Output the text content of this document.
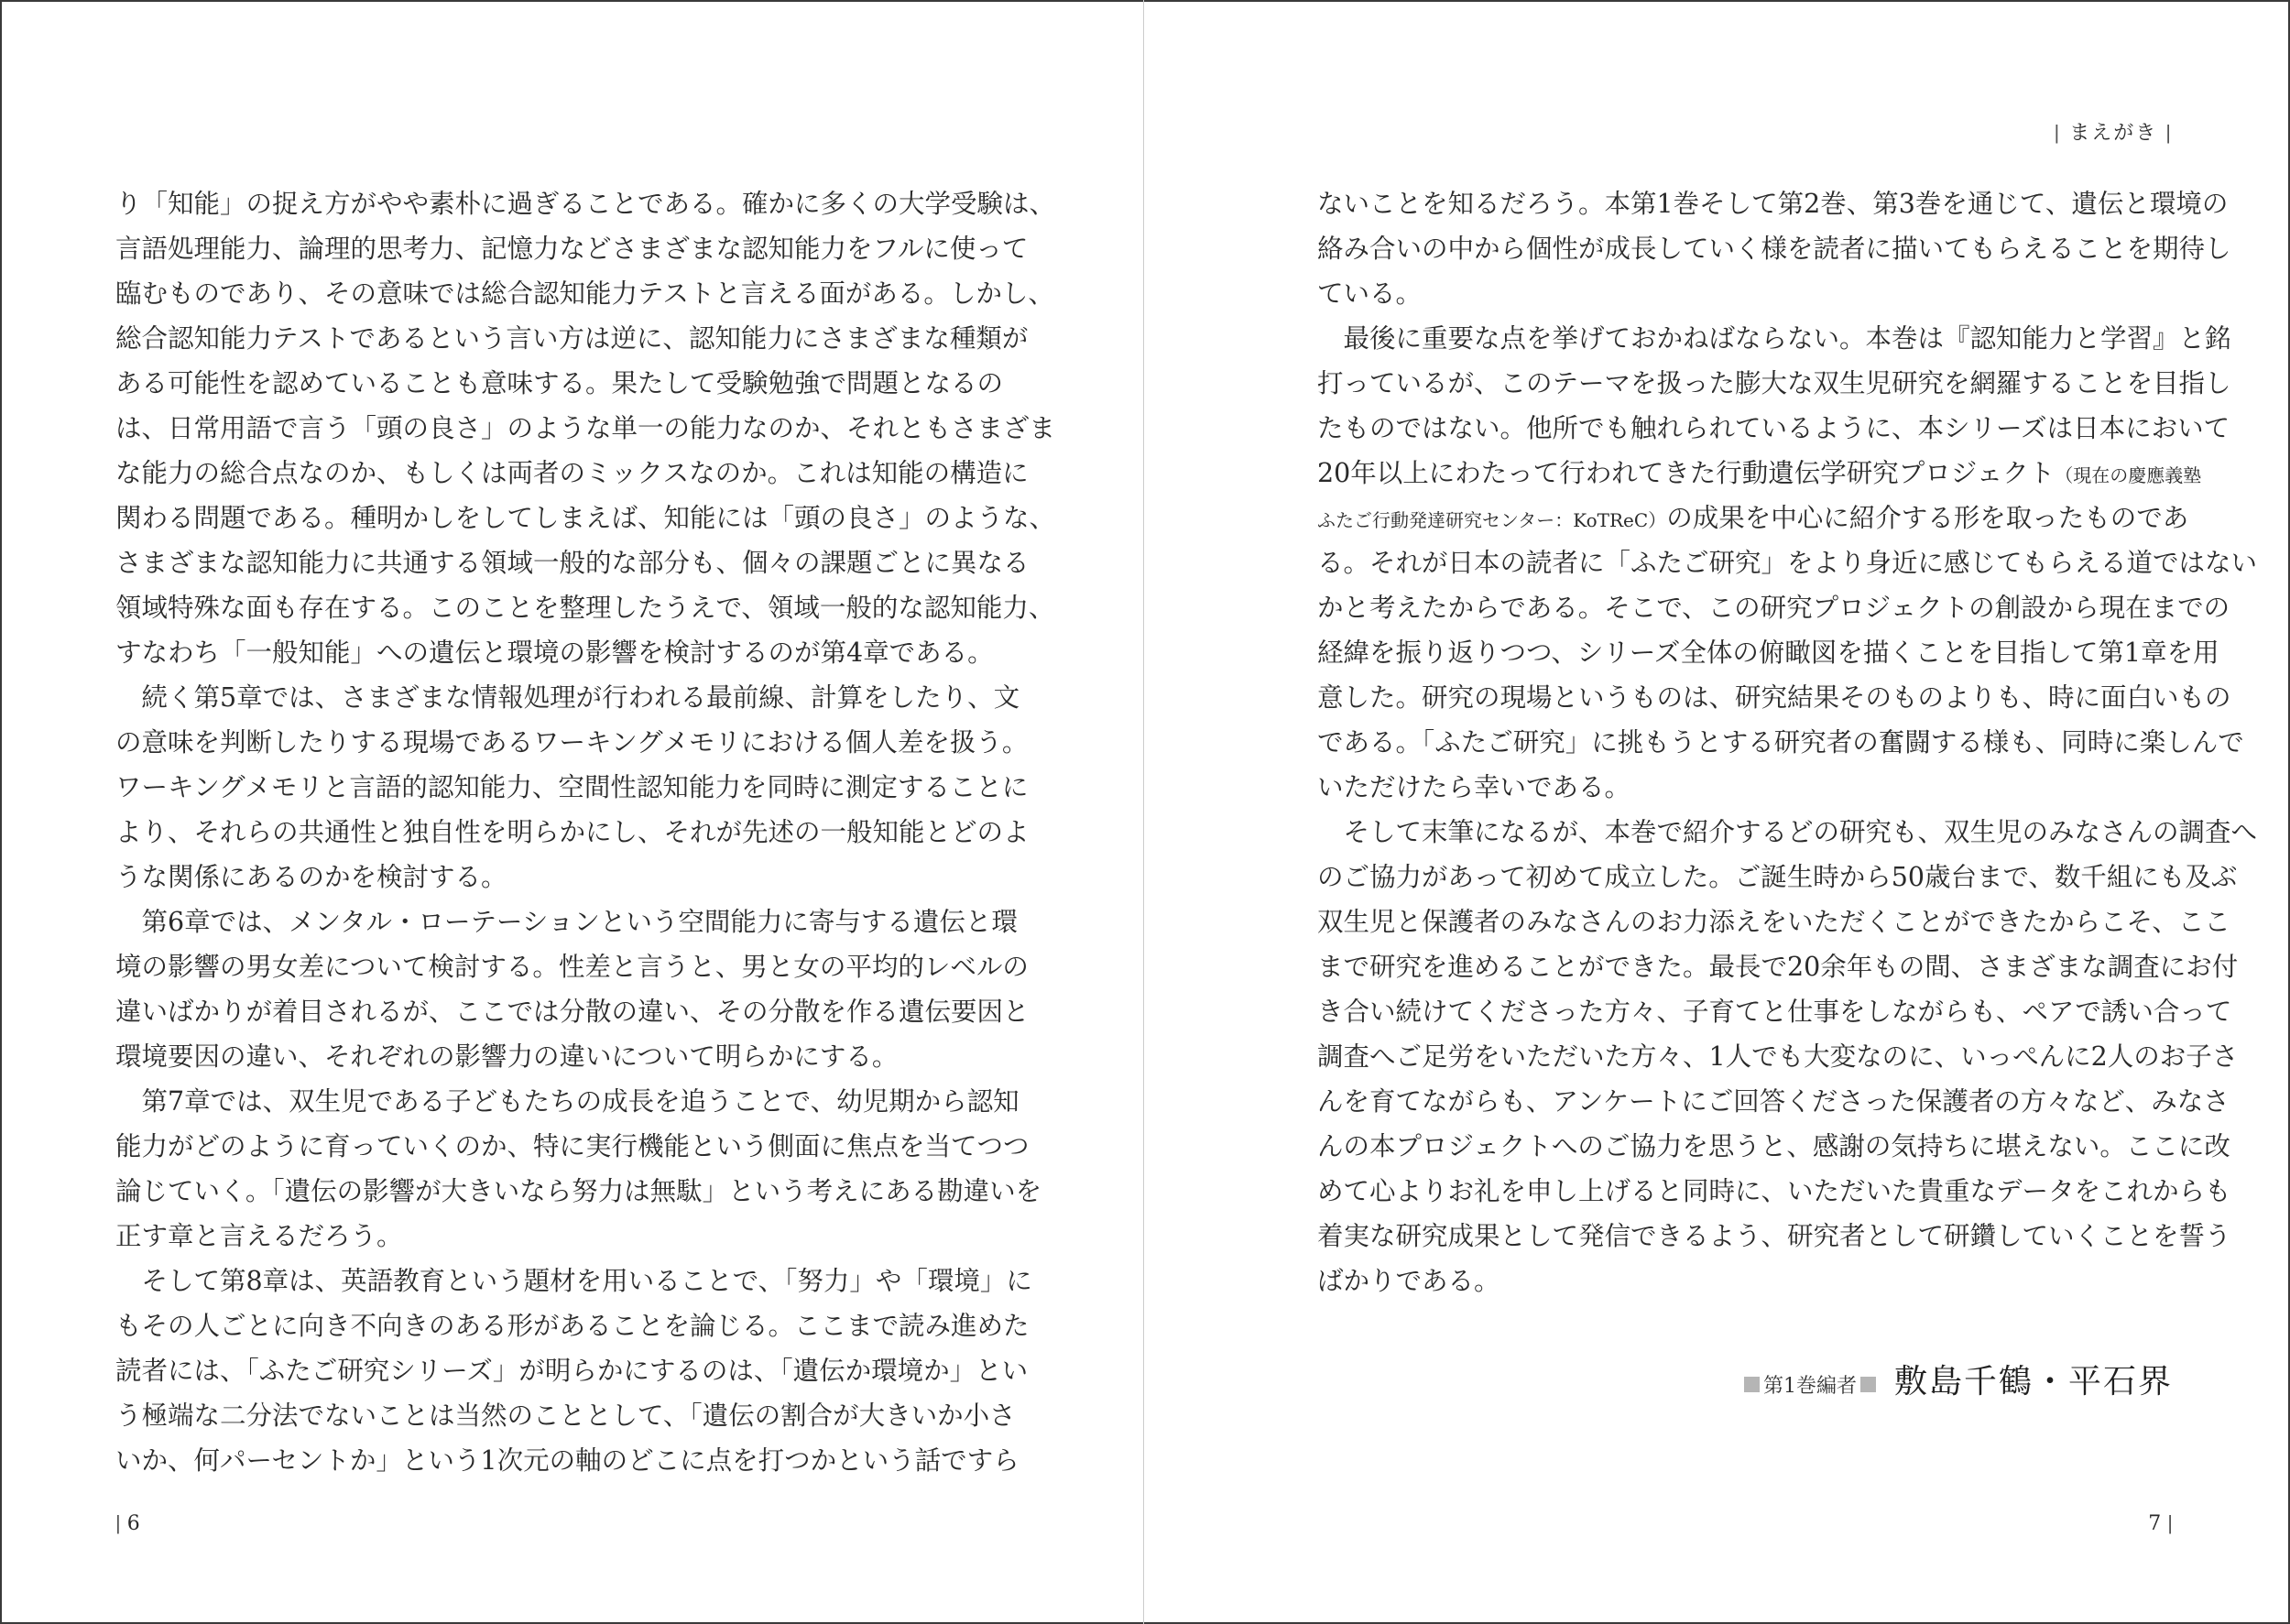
り「知能」の捉え方がやや素朴に過ぎることである。確かに多くの大学受験は、
言語処理能力、論理的思考力、記憶力などさまざまな認知能力をフルに使って
臨むものであり、その意味では総合認知能力テストと言える面がある。しかし、
総合認知能力テストであるという言い方は逆に、認知能力にさまざまな種類が
ある可能性を認めていることも意味する。果たして受験勉強で問題となるの
は、日常用語で言う「頭の良さ」のような単一の能力なのか、それともさまざま
な能力の総合点なのか、もしくは両者のミックスなのか。これは知能の構造に
関わる問題である。種明かしをしてしまえば、知能には「頭の良さ」のような、
さまざまな認知能力に共通する領域一般的な部分も、個々の課題ごとに異なる
領域特殊な面も存在する。このことを整理したうえで、領域一般的な認知能力、
すなわち「一般知能」への遺伝と環境の影響を検討するのが第4章である。
　続く第5章では、さまざまな情報処理が行われる最前線、計算をしたり、文
の意味を判断したりする現場であるワーキングメモリにおける個人差を扱う。
ワーキングメモリと言語的認知能力、空間性認知能力を同時に測定することに
より、それらの共通性と独自性を明らかにし、それが先述の一般知能とどのよ
うな関係にあるのかを検討する。
　第6章では、メンタル・ローテーションという空間能力に寄与する遺伝と環
境の影響の男女差について検討する。性差と言うと、男と女の平均的レベルの
違いばかりが着目されるが、ここでは分散の違い、その分散を作る遺伝要因と
環境要因の違い、それぞれの影響力の違いについて明らかにする。
　第7章では、双生児である子どもたちの成長を追うことで、幼児期から認知
能力がどのように育っていくのか、特に実行機能という側面に焦点を当てつつ
論じていく。「遺伝の影響が大きいなら努力は無駄」という考えにある勘違いを
正す章と言えるだろう。
　そして第8章は、英語教育という題材を用いることで、「努力」や「環境」に
もその人ごとに向き不向きのある形があることを論じる。ここまで読み進めた
読者には、「ふたご研究シリーズ」が明らかにするのは、「遺伝か環境か」とい
う極端な二分法でないことは当然のこととして、「遺伝の割合が大きいか小さ
いか、何パーセントか」という1次元の軸のどこに点を打つかという話ですら
| 6
| まえがき |
ないことを知るだろう。本第1巻そして第2巻、第3巻を通じて、遺伝と環境の
絡み合いの中から個性が成長していく様を読者に描いてもらえることを期待し
ている。
　最後に重要な点を挙げておかねばならない。本巻は『認知能力と学習』と銘
打っているが、このテーマを扱った膨大な双生児研究を網羅することを目指し
たものではない。他所でも触れられているように、本シリーズは日本において
20年以上にわたって行われてきた行動遺伝学研究プロジェクト（現在の慶應義塾
ふたご行動発達研究センター：KoTReC）の成果を中心に紹介する形を取ったものであ
る。それが日本の読者に「ふたご研究」をより身近に感じてもらえる道ではない
かと考えたからである。そこで、この研究プロジェクトの創設から現在までの
経緯を振り返りつつ、シリーズ全体の俯瞰図を描くことを目指して第1章を用
意した。研究の現場というものは、研究結果そのものよりも、時に面白いもの
である。「ふたご研究」に挑もうとする研究者の奮闘する様も、同時に楽しんで
いただけたら幸いである。
　そして末筆になるが、本巻で紹介するどの研究も、双生児のみなさんの調査へ
のご協力があって初めて成立した。ご誕生時から50歳台まで、数千組にも及ぶ
双生児と保護者のみなさんのお力添えをいただくことができたからこそ、ここ
まで研究を進めることができた。最長で20余年もの間、さまざまな調査にお付
き合い続けてくださった方々、子育てと仕事をしながらも、ペアで誘い合って
調査へご足労をいただいた方々、1人でも大変なのに、いっぺんに2人のお子さ
んを育てながらも、アンケートにご回答くださった保護者の方々など、みなさ
んの本プロジェクトへのご協力を思うと、感謝の気持ちに堪えない。ここに改
めて心よりお礼を申し上げると同時に、いただいた貴重なデータをこれからも
着実な研究成果として発信できるよう、研究者として研鑽していくことを誓う
ばかりである。
第1巻編者 敷島千鶴・平石界
7 |
